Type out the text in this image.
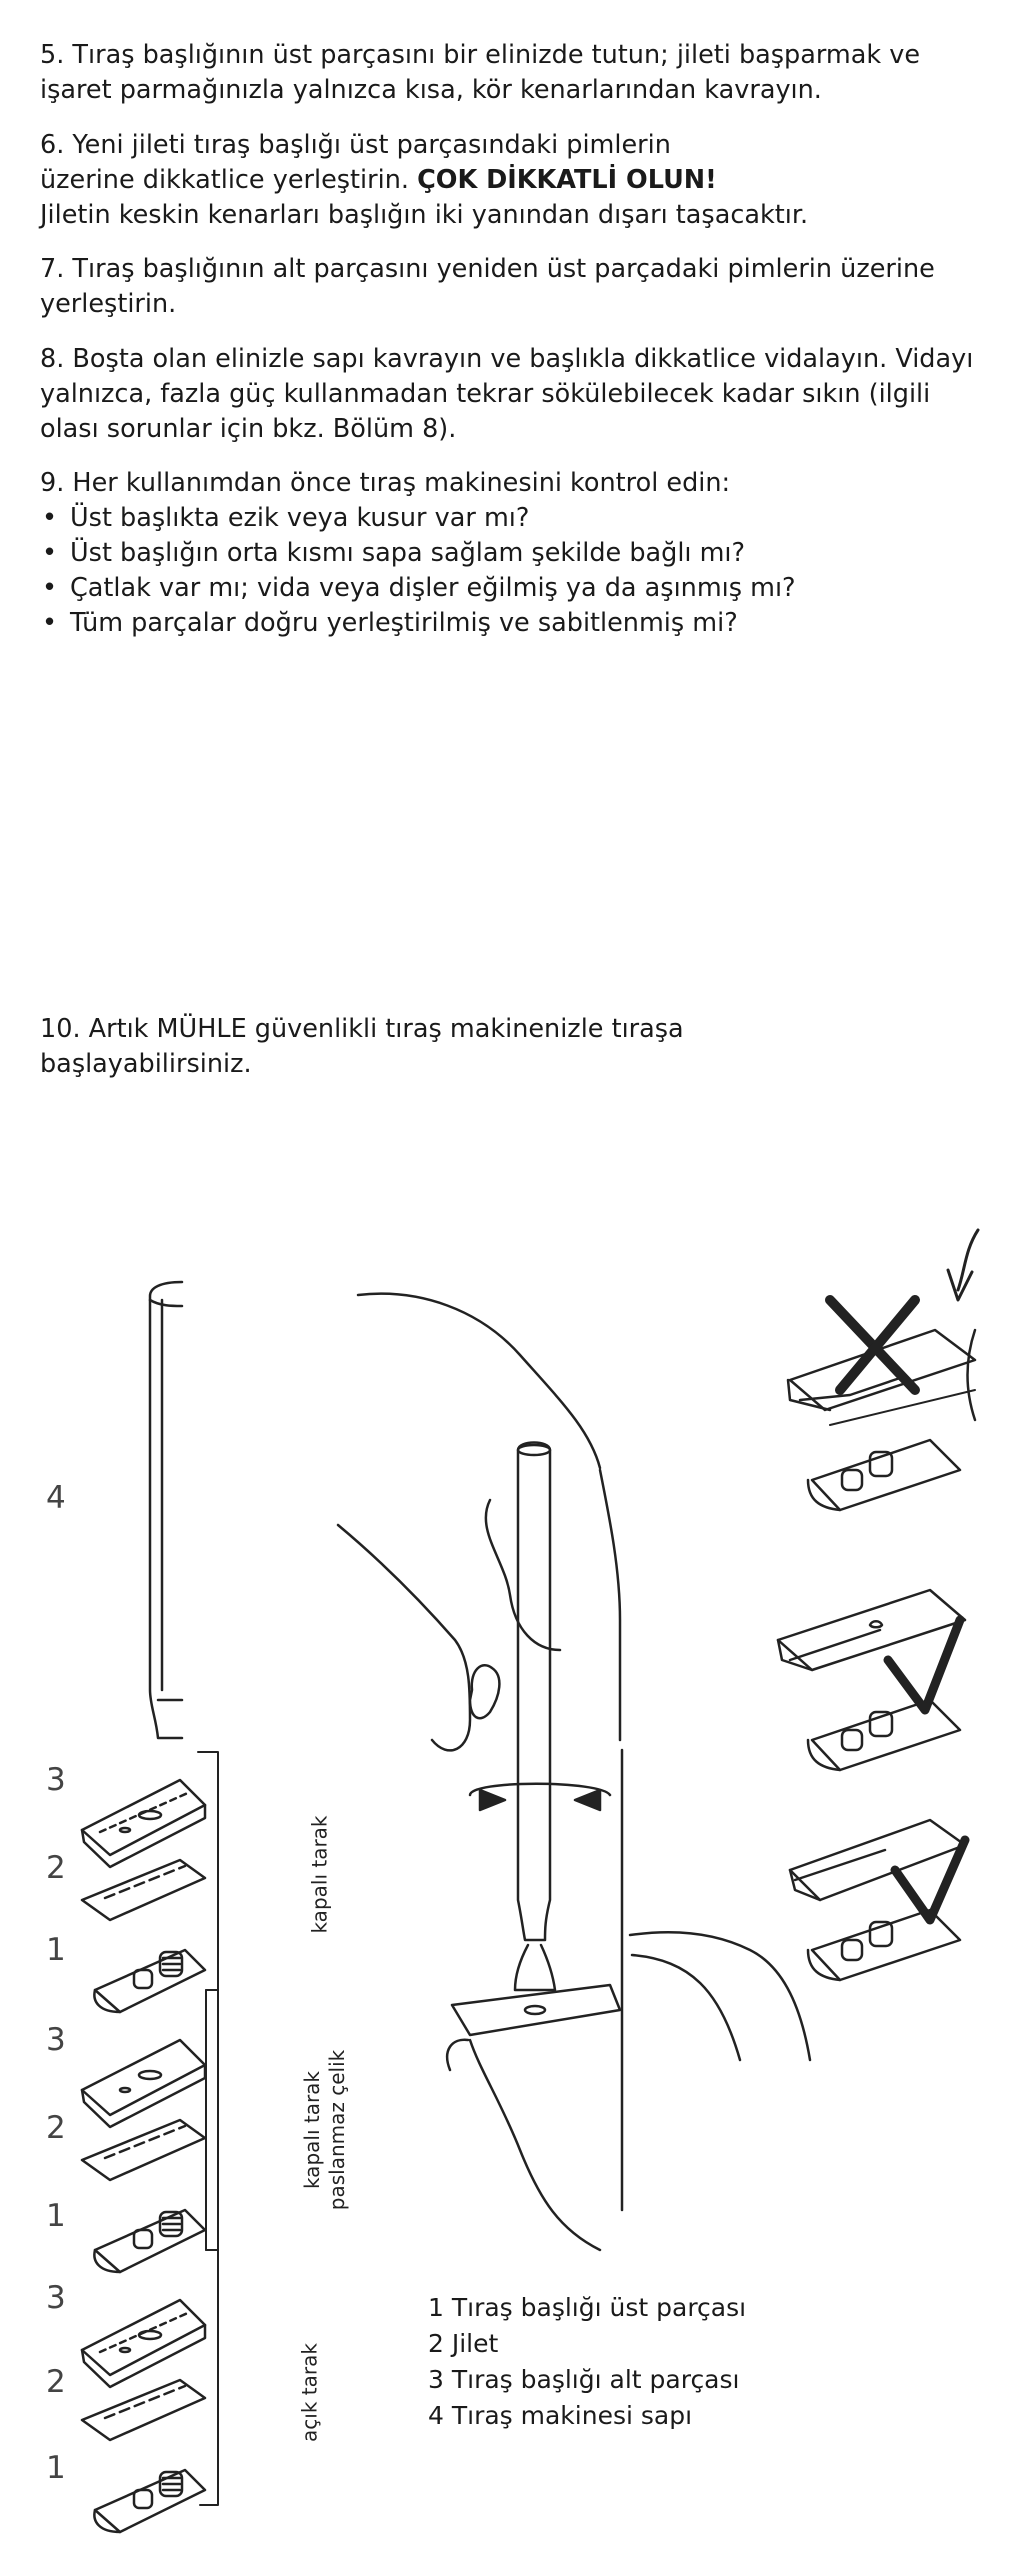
5. Tıraş başlığının üst parçasını bir elinizde tutun; jileti başparmak ve işaret parmağınızla yalnızca kısa, kör kenarlarından kavrayın.

6. Yeni jileti tıraş başlığı üst parçasındaki pimlerin

üzerine dikkatlice yerleştirin. ÇOK DİKKATLİ OLUN!

Jiletin keskin kenarları başlığın iki yanından dışarı taşacaktır.

7. Tıraş başlığının alt parçasını yeniden üst parçadaki pimlerin üzerine yerleştirin.

8. Boşta olan elinizle sapı kavrayın ve başlıkla dikkatlice vidalayın. Vidayı yalnızca, fazla güç kullanmadan tekrar sökülebilecek kadar sıkın (ilgili olası sorunlar için bkz. Bölüm 8).

9. Her kullanımdan önce tıraş makinesini kontrol edin:

• Üst başlıkta ezik veya kusur var mı?
• Üst başlığın orta kısmı sapa sağlam şekilde bağlı mı?
• Çatlak var mı; vida veya dişler eğilmiş ya da aşınmış mı?
• Tüm parçalar doğru yerleştirilmiş ve sabitlenmiş mi?

10. Artık MÜHLE güvenlikli tıraş makinenizle tıraşa başlayabilirsiniz.

4
3
2
1
3
2
1
3
2
1
kapalı tarak
kapalı tarak paslanmaz çelik
açık tarak
1 Tıraş başlığı üst parçası
2 Jilet
3 Tıraş başlığı alt parçası
4 Tıraş makinesi sapı
